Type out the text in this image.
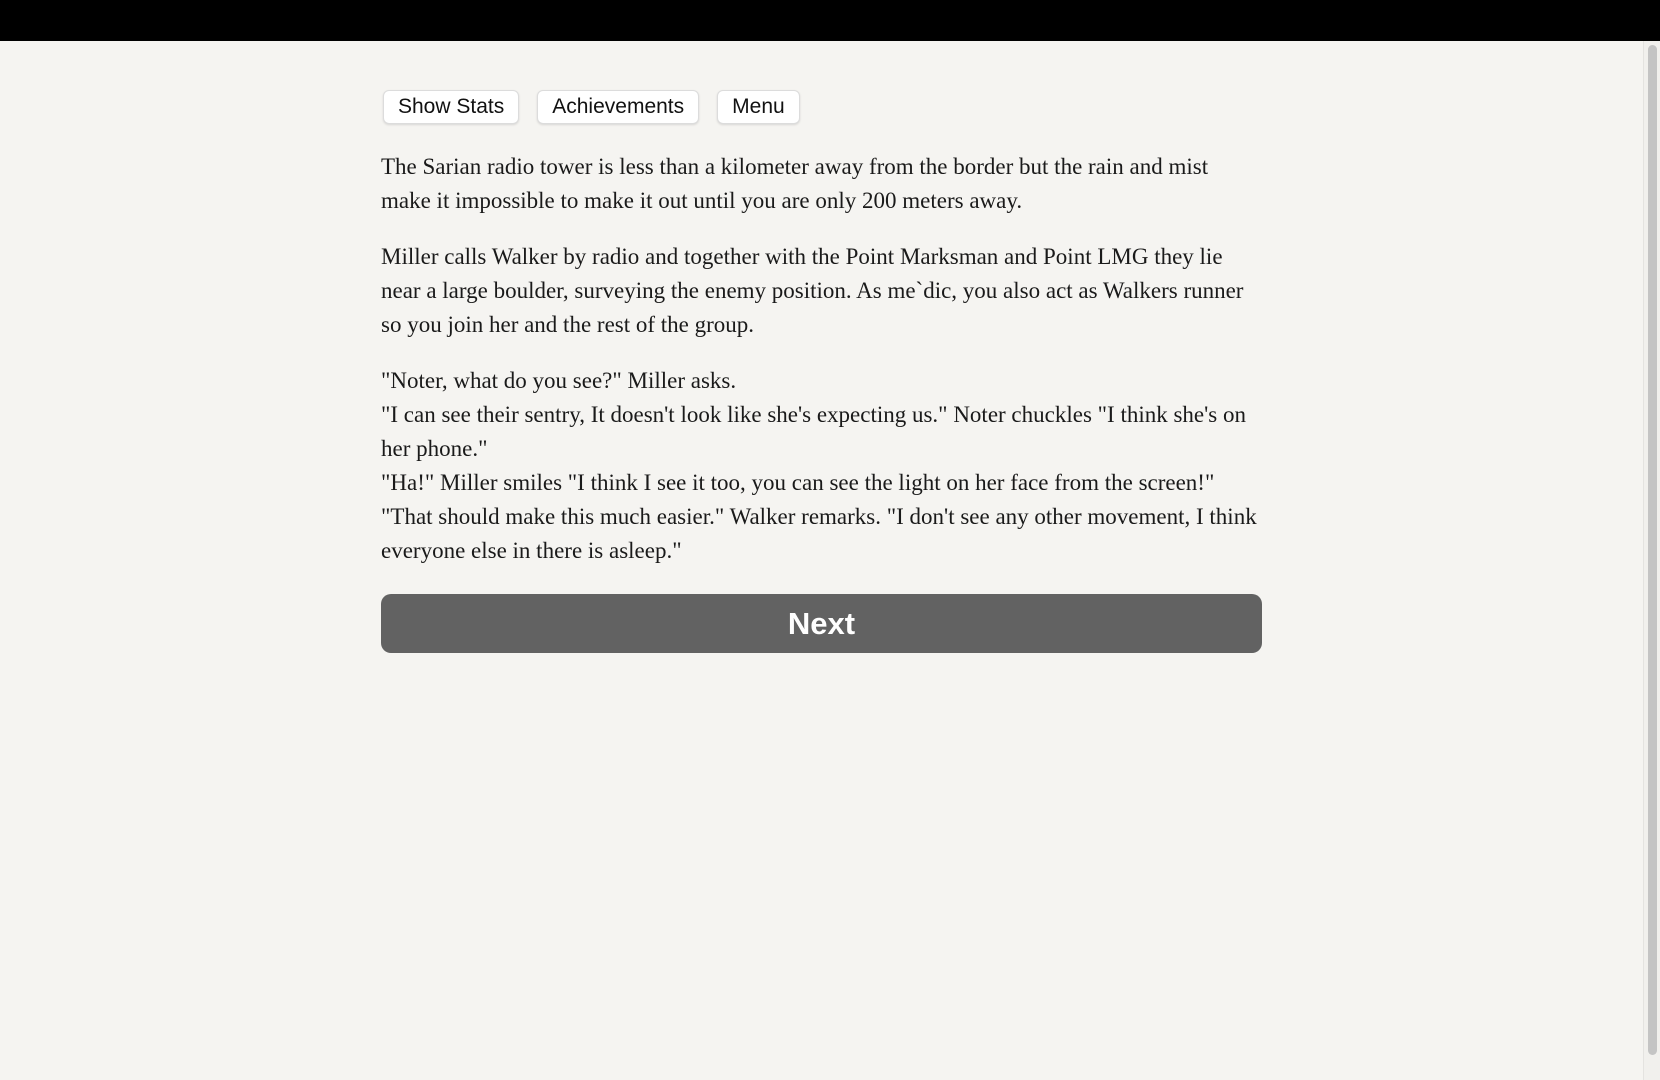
Show Stats	Achievements	Menu

The Sarian radio tower is less than a kilometer away from the border but the rain and mist make it impossible to make it out until you are only 200 meters away.

Miller calls Walker by radio and together with the Point Marksman and Point LMG they lie near a large boulder, surveying the enemy position. As me`dic, you also act as Walkers runner so you join her and the rest of the group.

"Noter, what do you see?" Miller asks.
"I can see their sentry, It doesn't look like she's expecting us." Noter chuckles "I think she's on her phone."
"Ha!" Miller smiles "I think I see it too, you can see the light on her face from the screen!"
"That should make this much easier." Walker remarks. "I don't see any other movement, I think everyone else in there is asleep."

Next
